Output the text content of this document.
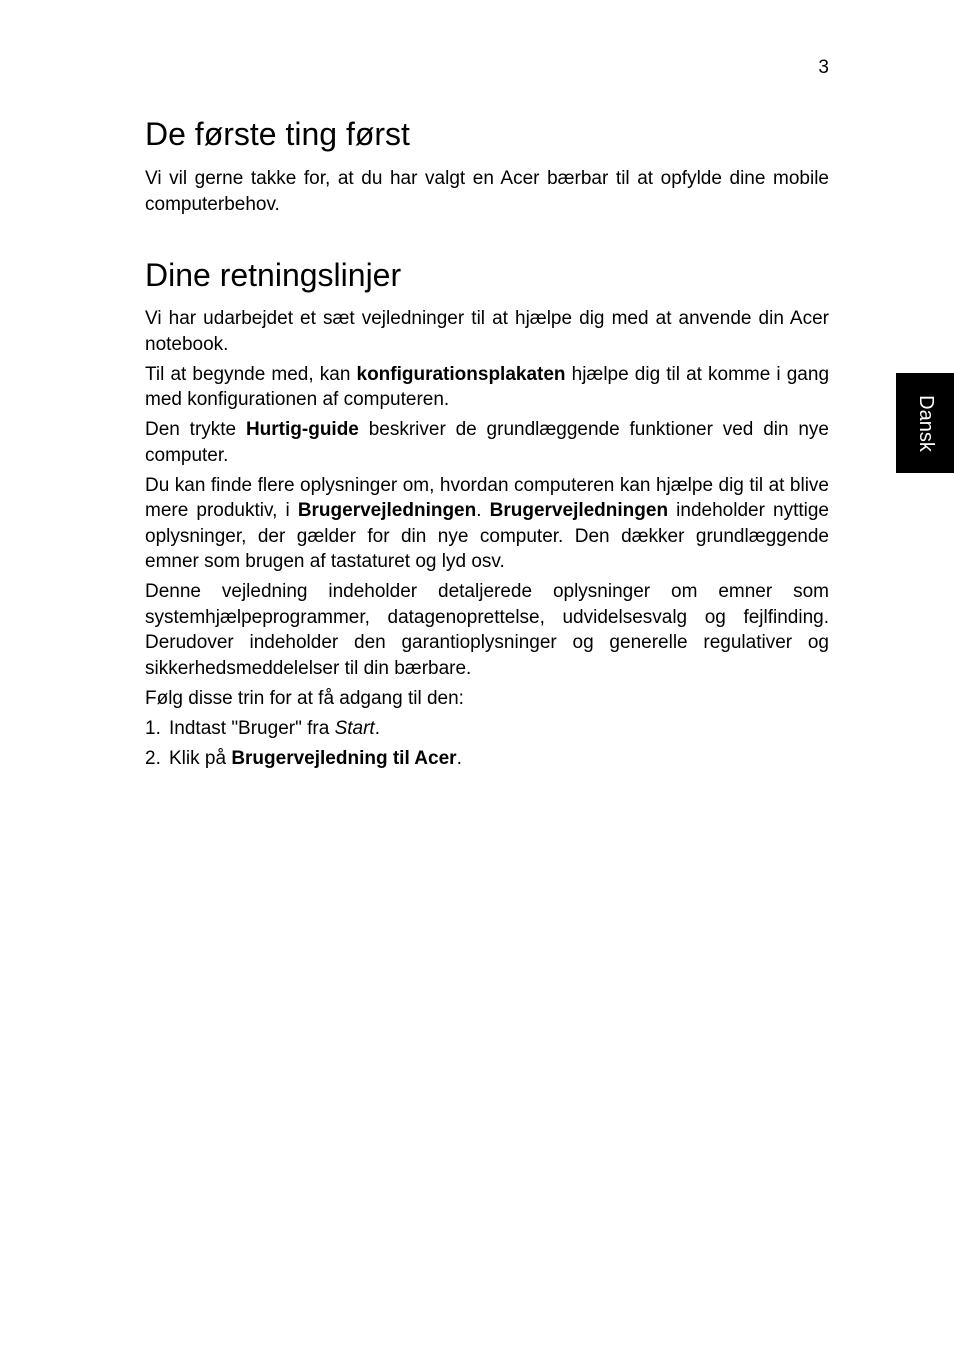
3
Dansk
De første ting først

Vi vil gerne takke for, at du har valgt en Acer bærbar til at opfylde dine mobile computerbehov.

Dine retningslinjer

Vi har udarbejdet et sæt vejledninger til at hjælpe dig med at anvende din Acer notebook.

Til at begynde med, kan konfigurationsplakaten hjælpe dig til at komme i gang med konfigurationen af computeren.

Den trykte Hurtig-guide beskriver de grundlæggende funktioner ved din nye computer.

Du kan finde flere oplysninger om, hvordan computeren kan hjælpe dig til at blive mere produktiv, i Brugervejledningen. Brugervejledningen indeholder nyttige oplysninger, der gælder for din nye computer. Den dækker grundlæggende emner som brugen af tastaturet og lyd osv.

Denne vejledning indeholder detaljerede oplysninger om emner som systemhjælpeprogrammer, datagenoprettelse, udvidelsesvalg og fejlfinding. Derudover indeholder den garantioplysninger og generelle regulativer og sikkerhedsmeddelelser til din bærbare.

Følg disse trin for at få adgang til den:

1. Indtast "Bruger" fra Start.
2. Klik på Brugervejledning til Acer.
